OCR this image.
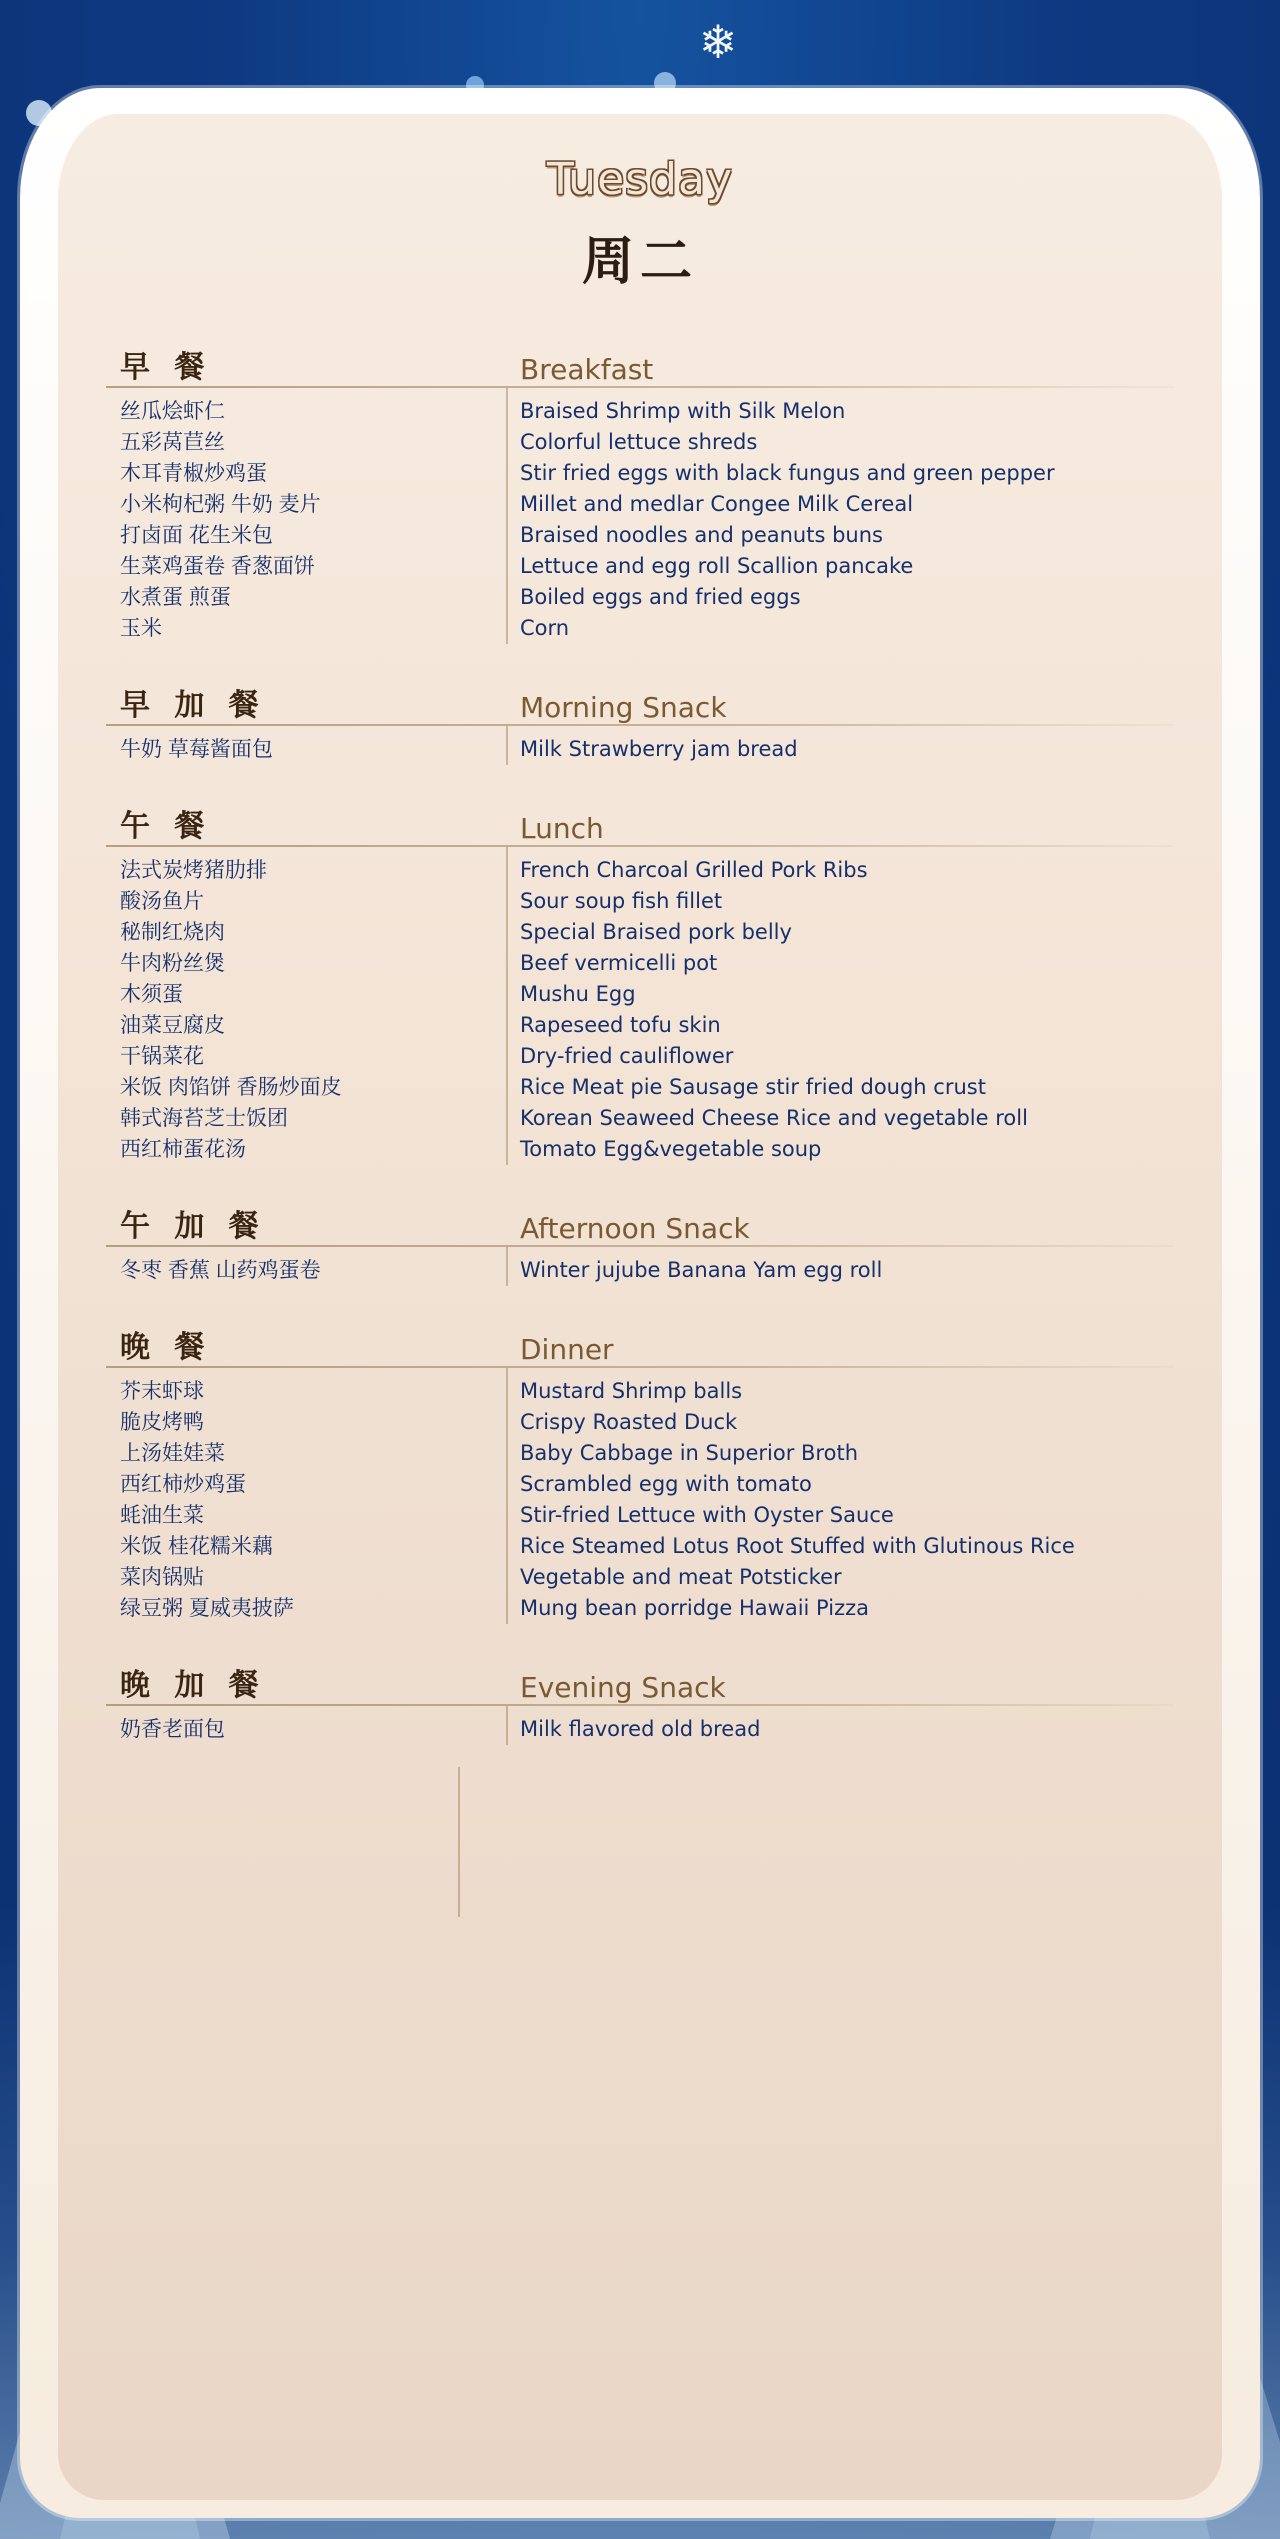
❄
Tuesday
周二
早 餐	Breakfast
丝瓜烩虾仁	Braised Shrimp with Silk Melon
五彩莴苣丝	Colorful lettuce shreds
木耳青椒炒鸡蛋	Stir fried eggs with black fungus and green pepper
小米枸杞粥 牛奶 麦片	Millet and medlar Congee Milk Cereal
打卤面 花生米包	Braised noodles and peanuts buns
生菜鸡蛋卷 香葱面饼	Lettuce and egg roll Scallion pancake
水煮蛋 煎蛋	Boiled eggs and fried eggs
玉米	Corn
早 加 餐	Morning Snack
牛奶 草莓酱面包	Milk Strawberry jam bread
午 餐	Lunch
法式炭烤猪肋排	French Charcoal Grilled Pork Ribs
酸汤鱼片	Sour soup fish fillet
秘制红烧肉	Special Braised pork belly
牛肉粉丝煲	Beef vermicelli pot
木须蛋	Mushu Egg
油菜豆腐皮	Rapeseed tofu skin
干锅菜花	Dry-fried cauliflower
米饭 肉馅饼 香肠炒面皮	Rice Meat pie Sausage stir fried dough crust
韩式海苔芝士饭团	Korean Seaweed Cheese Rice and vegetable roll
西红柿蛋花汤	Tomato Egg&vegetable soup
午 加 餐	Afternoon Snack
冬枣 香蕉 山药鸡蛋卷	Winter jujube Banana Yam egg roll
晚 餐	Dinner
芥末虾球	Mustard Shrimp balls
脆皮烤鸭	Crispy Roasted Duck
上汤娃娃菜	Baby Cabbage in Superior Broth
西红柿炒鸡蛋	Scrambled egg with tomato
蚝油生菜	Stir-fried Lettuce with Oyster Sauce
米饭 桂花糯米藕	Rice Steamed Lotus Root Stuffed with Glutinous Rice
菜肉锅贴	Vegetable and meat Potsticker
绿豆粥 夏威夷披萨	Mung bean porridge Hawaii Pizza
晚 加 餐	Evening Snack
奶香老面包	Milk flavored old bread
